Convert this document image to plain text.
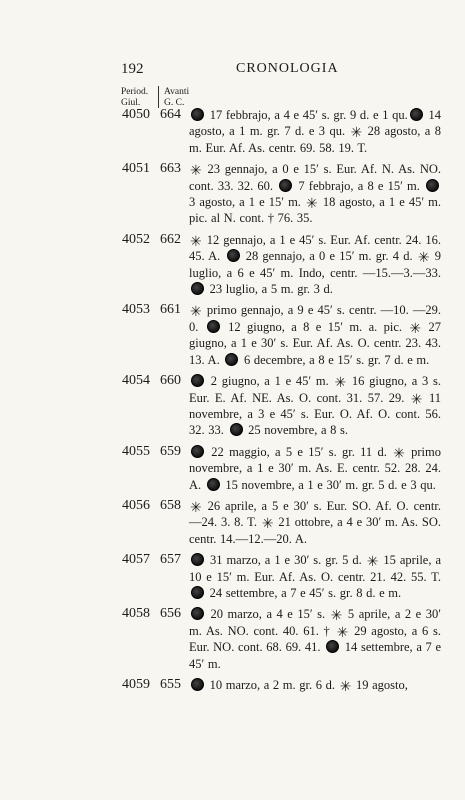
192	CRONOLOGIA
Period.
Giul.
Avanti
G. C.
4050 664	17 febbrajo, a 4 e 45ʹ s. gr. 9 d. e 1 qu. 14 agosto, a 1 m. gr. 7 d. e 3 qu. ✳ 28 agosto, a 8 m. Eur. Af. As. centr. 69. 58. 19. T.
4051 663 ✳ 23 gennajo, a 0 e 15ʹ s. Eur. Af. N. As. NO. cont. 33. 32. 60.  7 febbrajo, a 8 e 15ʹ m.  3 agosto, a 1 e 15ʹ m. ✳ 18 agosto, a 1 e 45ʹ m. pic. al N. cont. † 76. 35.
4052 662 ✳ 12 gennajo, a 1 e 45ʹ s. Eur. Af. centr. 24. 16. 45. A.  28 gennajo, a 0 e 15ʹ m. gr. 4 d. ✳ 9 luglio, a 6 e 45ʹ m. Indo, centr. —15.—3.—33.  23 luglio, a 5 m. gr. 3 d.
4053 661 ✳ primo gennajo, a 9 e 45ʹ s. centr. —10. —29. 0.  12 giugno, a 8 e 15ʹ m. a. pic. ✳ 27 giugno, a 1 e 30ʹ s. Eur. Af. As. O. centr. 23. 43. 13. A.  6 decembre, a 8 e 15ʹ s. gr. 7 d. e m.
4054 660	2 giugno, a 1 e 45ʹ m. ✳ 16 giugno, a 3 s. Eur. E. Af. NE. As. O. cont. 31. 57. 29. ✳ 11 novembre, a 3 e 45ʹ s. Eur. O. Af. O. cont. 56. 32. 33.  25 novembre, a 8 s.
4055 659	22 maggio, a 5 e 15ʹ s. gr. 11 d. ✳ primo novembre, a 1 e 30ʹ m. As. E. centr. 52. 28. 24. A.  15 novembre, a 1 e 30ʹ m. gr. 5 d. e 3 qu.
4056 658 ✳ 26 aprile, a 5 e 30ʹ s. Eur. SO. Af. O. centr. —24. 3. 8. T. ✳ 21 ottobre, a 4 e 30ʹ m. As. SO. centr. 14.—12.—20. A.
4057 657	31 marzo, a 1 e 30ʹ s. gr. 5 d. ✳ 15 aprile, a 10 e 15ʹ m. Eur. Af. As. O. centr. 21. 42. 55. T.  24 settembre, a 7 e 45ʹ s. gr. 8 d. e m.
4058 656	20 marzo, a 4 e 15ʹ s. ✳ 5 aprile, a 2 e 30ʹ m. As. NO. cont. 40. 61. † ✳ 29 agosto, a 6 s. Eur. NO. cont. 68. 69. 41.  14 settembre, a 7 e 45ʹ m.
4059 655	10 marzo, a 2 m. gr. 6 d. ✳ 19 agosto,
